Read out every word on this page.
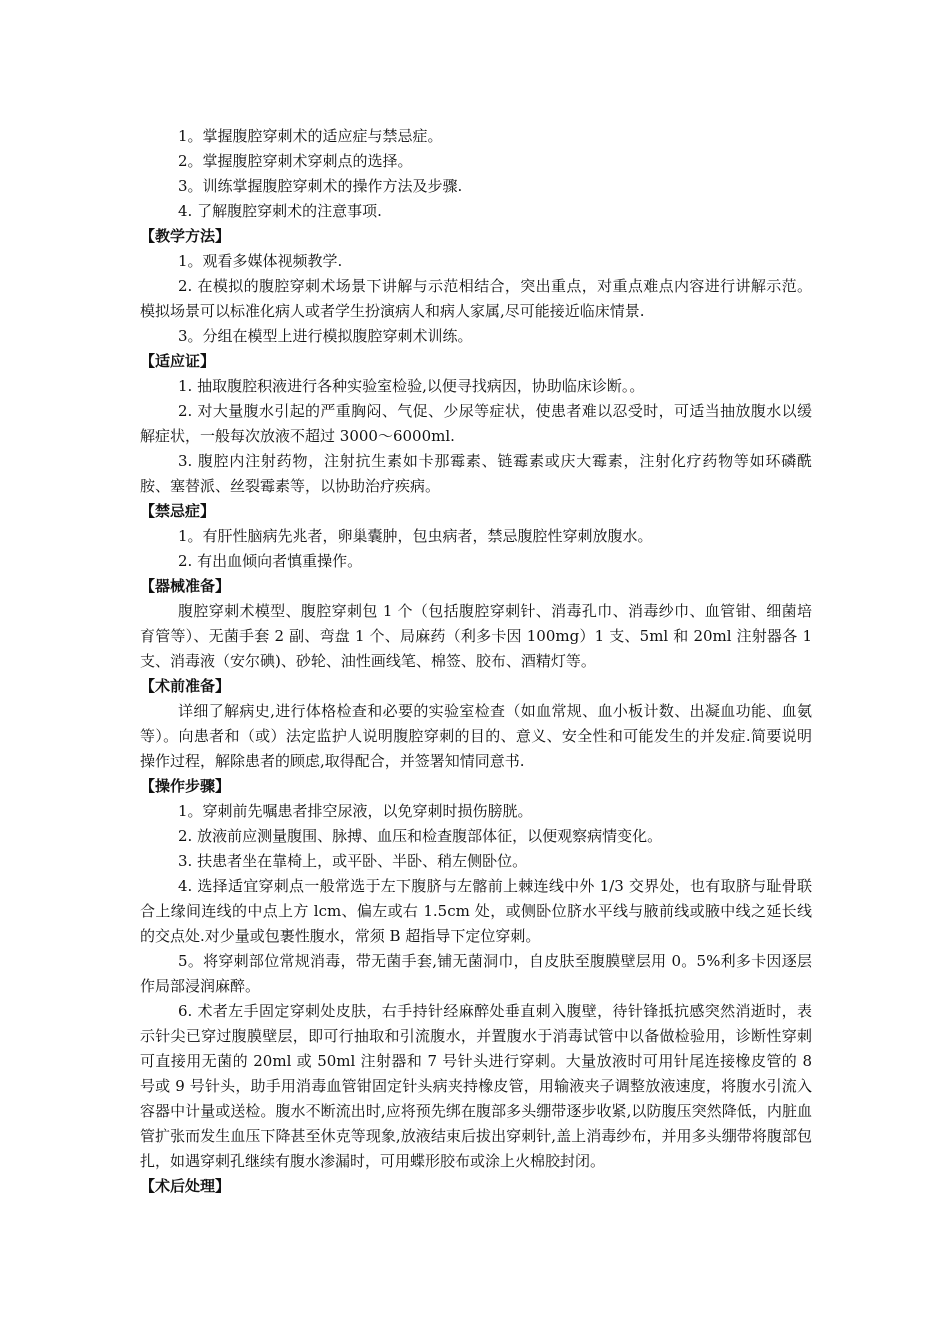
1。掌握腹腔穿刺术的适应症与禁忌症。

2。掌握腹腔穿刺术穿刺点的选择。

3。训练掌握腹腔穿刺术的操作方法及步骤.

4. 了解腹腔穿刺术的注意事项.

【教学方法】

1。观看多媒体视频教学.

2. 在模拟的腹腔穿刺术场景下讲解与示范相结合，突出重点，对重点难点内容进行讲解示范。模拟场景可以标准化病人或者学生扮演病人和病人家属,尽可能接近临床情景.

3。分组在模型上进行模拟腹腔穿刺术训练。

【适应证】

1. 抽取腹腔积液进行各种实验室检验,以便寻找病因，协助临床诊断。。

2. 对大量腹水引起的严重胸闷、气促、少尿等症状，使患者难以忍受时，可适当抽放腹水以缓解症状，一般每次放液不超过 3000～6000ml.

3. 腹腔内注射药物，注射抗生素如卡那霉素、链霉素或庆大霉素，注射化疗药物等如环磷酰胺、塞替派、丝裂霉素等，以协助治疗疾病。

【禁忌症】

1。有肝性脑病先兆者，卵巢囊肿，包虫病者，禁忌腹腔性穿刺放腹水。

2. 有出血倾向者慎重操作。

【器械准备】

腹腔穿刺术模型、腹腔穿刺包 1 个（包括腹腔穿刺针、消毒孔巾、消毒纱巾、血管钳、细菌培育管等）、无菌手套 2 副、弯盘 1 个、局麻药（利多卡因 100mg）1 支、5ml 和 20ml 注射器各 1 支、消毒液（安尔碘)、砂轮、油性画线笔、棉签、胶布、酒精灯等。

【术前准备】

详细了解病史,进行体格检查和必要的实验室检查（如血常规、血小板计数、出凝血功能、血氨等）。向患者和（或）法定监护人说明腹腔穿刺的目的、意义、安全性和可能发生的并发症.简要说明操作过程，解除患者的顾虑,取得配合，并签署知情同意书.

【操作步骤】

1。穿刺前先嘱患者排空尿液，以免穿刺时损伤膀胱。

2. 放液前应测量腹围、脉搏、血压和检查腹部体征，以便观察病情变化。

3. 扶患者坐在靠椅上，或平卧、半卧、稍左侧卧位。

4. 选择适宜穿刺点一般常选于左下腹脐与左髂前上棘连线中外 1/3 交界处，也有取脐与耻骨联合上缘间连线的中点上方 lcm、偏左或右 1.5cm 处，或侧卧位脐水平线与腋前线或腋中线之延长线的交点处.对少量或包裹性腹水，常须 B 超指导下定位穿刺。

5。将穿刺部位常规消毒，带无菌手套,铺无菌洞巾，自皮肤至腹膜壁层用 0。5%利多卡因逐层作局部浸润麻醉。

6. 术者左手固定穿刺处皮肤，右手持针经麻醉处垂直刺入腹壁，待针锋抵抗感突然消逝时，表示针尖已穿过腹膜壁层，即可行抽取和引流腹水，并置腹水于消毒试管中以备做检验用，诊断性穿刺可直接用无菌的 20ml 或 50ml 注射器和 7 号针头进行穿刺。大量放液时可用针尾连接橡皮管的 8 号或 9 号针头，助手用消毒血管钳固定针头病夹持橡皮管，用输液夹子调整放液速度，将腹水引流入容器中计量或送检。腹水不断流出时,应将预先绑在腹部多头绷带逐步收紧,以防腹压突然降低，内脏血管扩张而发生血压下降甚至休克等现象,放液结束后拔出穿刺针,盖上消毒纱布，并用多头绷带将腹部包扎，如遇穿刺孔继续有腹水渗漏时，可用蝶形胶布或涂上火棉胶封闭。

【术后处理】
